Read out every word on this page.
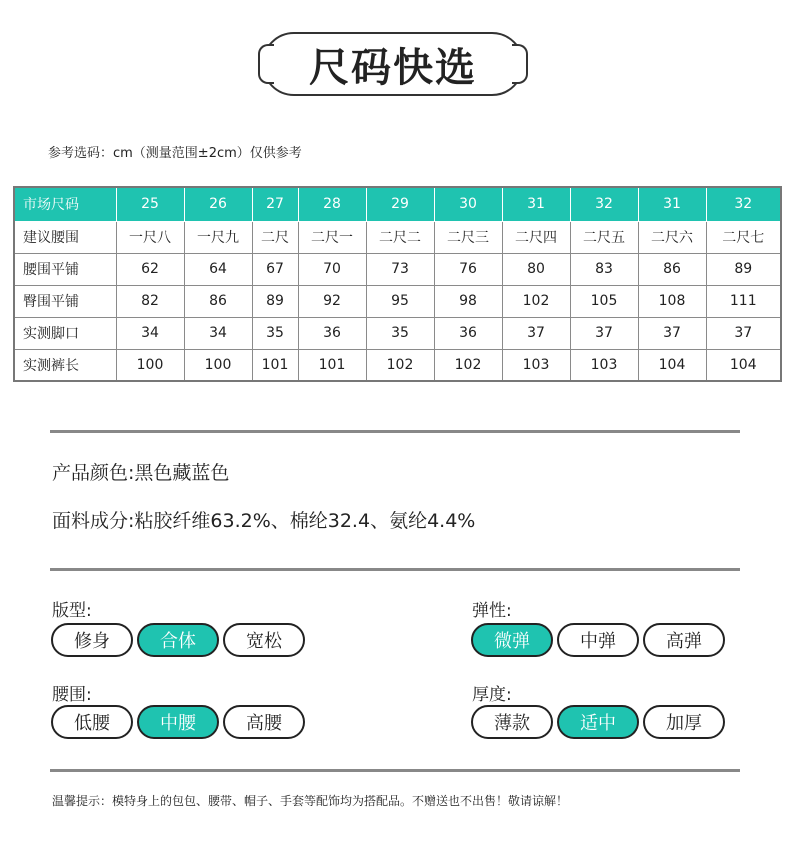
尺码快选
参考选码：cm（测量范围±2cm）仅供参考
市场尺码	25	26	27	28	29	30	31	32	31	32
建议腰围	一尺八	一尺九	二尺	二尺一	二尺二	二尺三	二尺四	二尺五	二尺六	二尺七
腰围平铺	62	64	67	70	73	76	80	83	86	89
臀围平铺	82	86	89	92	95	98	102	105	108	111
实测脚口	34	34	35	36	35	36	37	37	37	37
实测裤长	100	100	101	101	102	102	103	103	104	104
产品颜色:黑色藏蓝色
面料成分:粘胶纤维63.2%、棉纶32.4、氨纶4.4%
版型:
修身	合体	宽松
弹性:
微弹	中弹	高弹
腰围:
低腰	中腰	高腰
厚度:
薄款	适中	加厚
温馨提示：模特身上的包包、腰带、帽子、手套等配饰均为搭配品。不赠送也不出售！敬请谅解！
